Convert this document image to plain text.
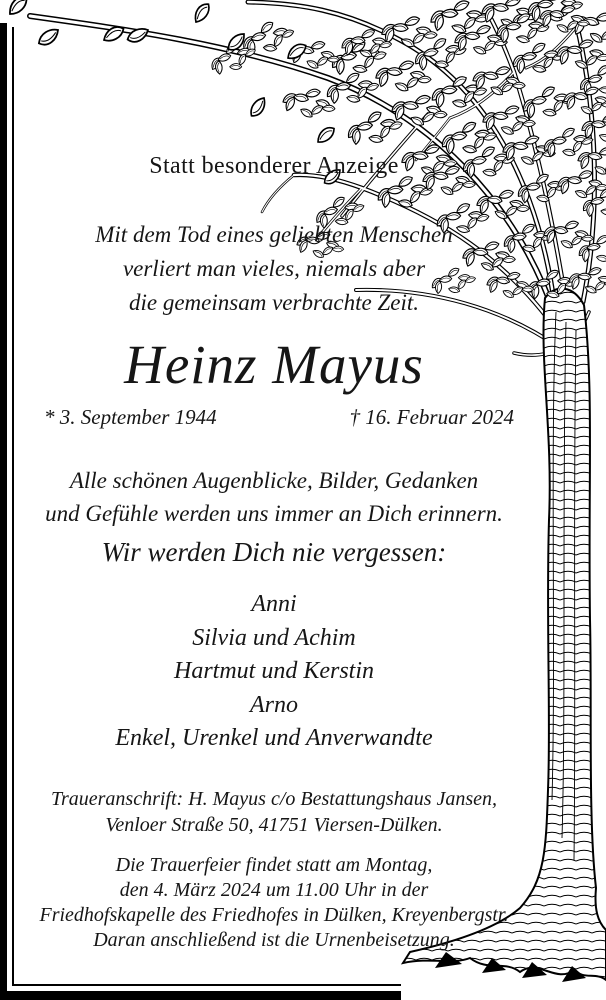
Statt besonderer Anzeige
Mit dem Tod eines geliebten Menschen
verliert man vieles, niemals aber
die gemeinsam verbrachte Zeit.
Heinz Mayus
* 3. September 1944	† 16. Februar 2024
Alle schönen Augenblicke, Bilder, Gedanken
und Gefühle werden uns immer an Dich erinnern.
Wir werden Dich nie vergessen:
Anni
Silvia und Achim
Hartmut und Kerstin
Arno
Enkel, Urenkel und Anverwandte
Traueranschrift: H. Mayus c/o Bestattungshaus Jansen,
Venloer Straße 50, 41751 Viersen-Dülken.
Die Trauerfeier findet statt am Montag,
den 4. März 2024 um 11.00 Uhr in der
Friedhofskapelle des Friedhofes in Dülken, Kreyenbergstr.
Daran anschließend ist die Urnenbeisetzung.
